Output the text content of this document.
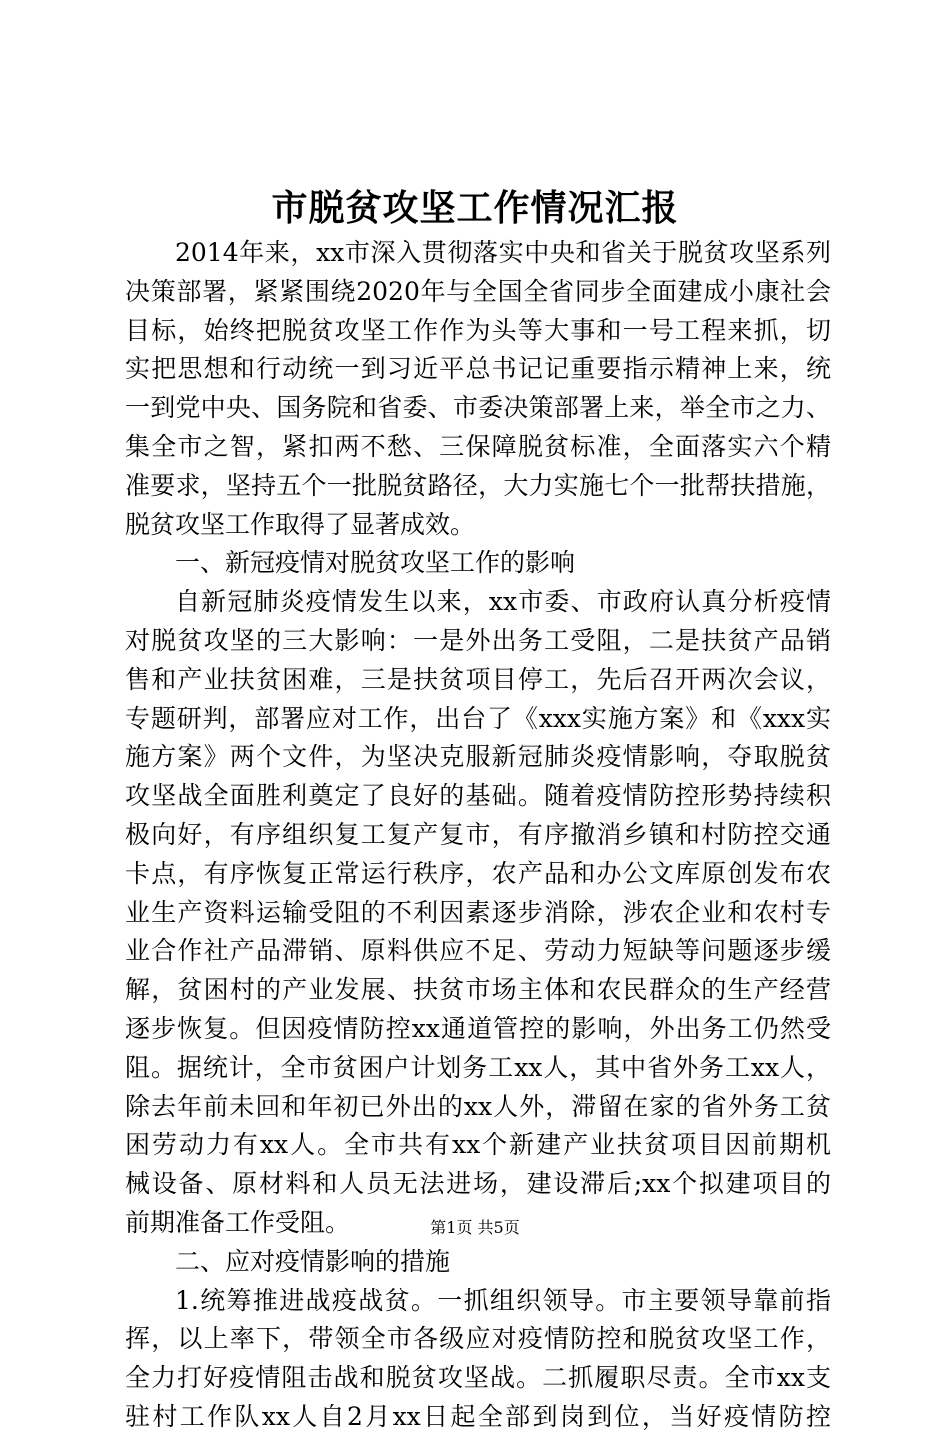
市脱贫攻坚工作情况汇报
2014年来，xx市深入贯彻落实中央和省关于脱贫攻坚系列
决策部署，紧紧围绕2020年与全国全省同步全面建成小康社会
目标，始终把脱贫攻坚工作作为头等大事和一号工程来抓，切
实把思想和行动统一到习近平总书记记重要指示精神上来，统
一到党中央、国务院和省委、市委决策部署上来，举全市之力、
集全市之智，紧扣两不愁、三保障脱贫标准，全面落实六个精
准要求，坚持五个一批脱贫路径，大力实施七个一批帮扶措施，
脱贫攻坚工作取得了显著成效。
一、新冠疫情对脱贫攻坚工作的影响
自新冠肺炎疫情发生以来，xx市委、市政府认真分析疫情
对脱贫攻坚的三大影响：一是外出务工受阻，二是扶贫产品销
售和产业扶贫困难，三是扶贫项目停工，先后召开两次会议，
专题研判，部署应对工作，出台了《xxx实施方案》和《xxx实
施方案》两个文件，为坚决克服新冠肺炎疫情影响，夺取脱贫
攻坚战全面胜利奠定了良好的基础。随着疫情防控形势持续积
极向好，有序组织复工复产复市，有序撤消乡镇和村防控交通
卡点，有序恢复正常运行秩序，农产品和办公文库原创发布农
业生产资料运输受阻的不利因素逐步消除，涉农企业和农村专
业合作社产品滞销、原料供应不足、劳动力短缺等问题逐步缓
解，贫困村的产业发展、扶贫市场主体和农民群众的生产经营
逐步恢复。但因疫情防控xx通道管控的影响，外出务工仍然受
阻。据统计，全市贫困户计划务工xx人，其中省外务工xx人，
除去年前未回和年初已外出的xx人外，滞留在家的省外务工贫
困劳动力有xx人。全市共有xx个新建产业扶贫项目因前期机
械设备、原材料和人员无法进场，建设滞后;xx个拟建项目的
前期准备工作受阻。
二、应对疫情影响的措施
1.统筹推进战疫战贫。一抓组织领导。市主要领导靠前指
挥，以上率下，带领全市各级应对疫情防控和脱贫攻坚工作，
全力打好疫情阻击战和脱贫攻坚战。二抓履职尽责。全市xx支
驻村工作队xx人自2月xx日起全部到岗到位，当好疫情防控
第1页 共5页
